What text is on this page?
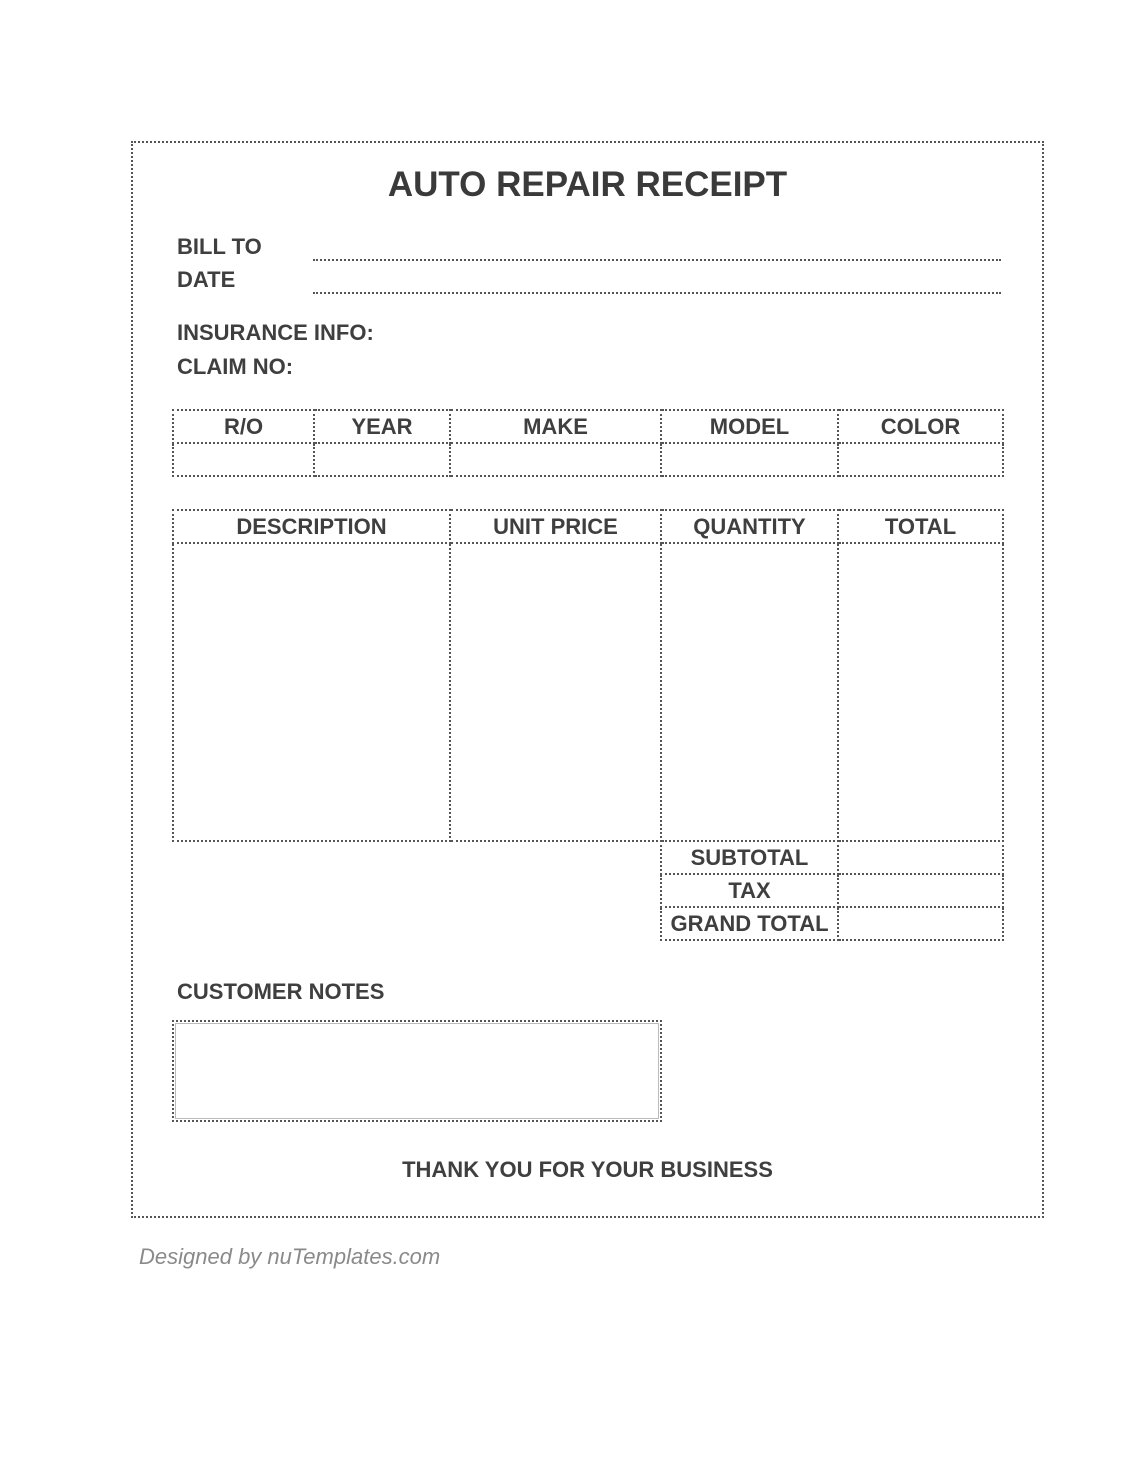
AUTO REPAIR RECEIPT
BILL TO
DATE
INSURANCE INFO:
CLAIM NO:
R/O	YEAR	MAKE	MODEL	COLOR

DESCRIPTION	UNIT PRICE	QUANTITY	TOTAL

SUBTOTAL	
TAX	
GRAND TOTAL	
CUSTOMER NOTES
THANK YOU FOR YOUR BUSINESS
Designed by nuTemplates.com
